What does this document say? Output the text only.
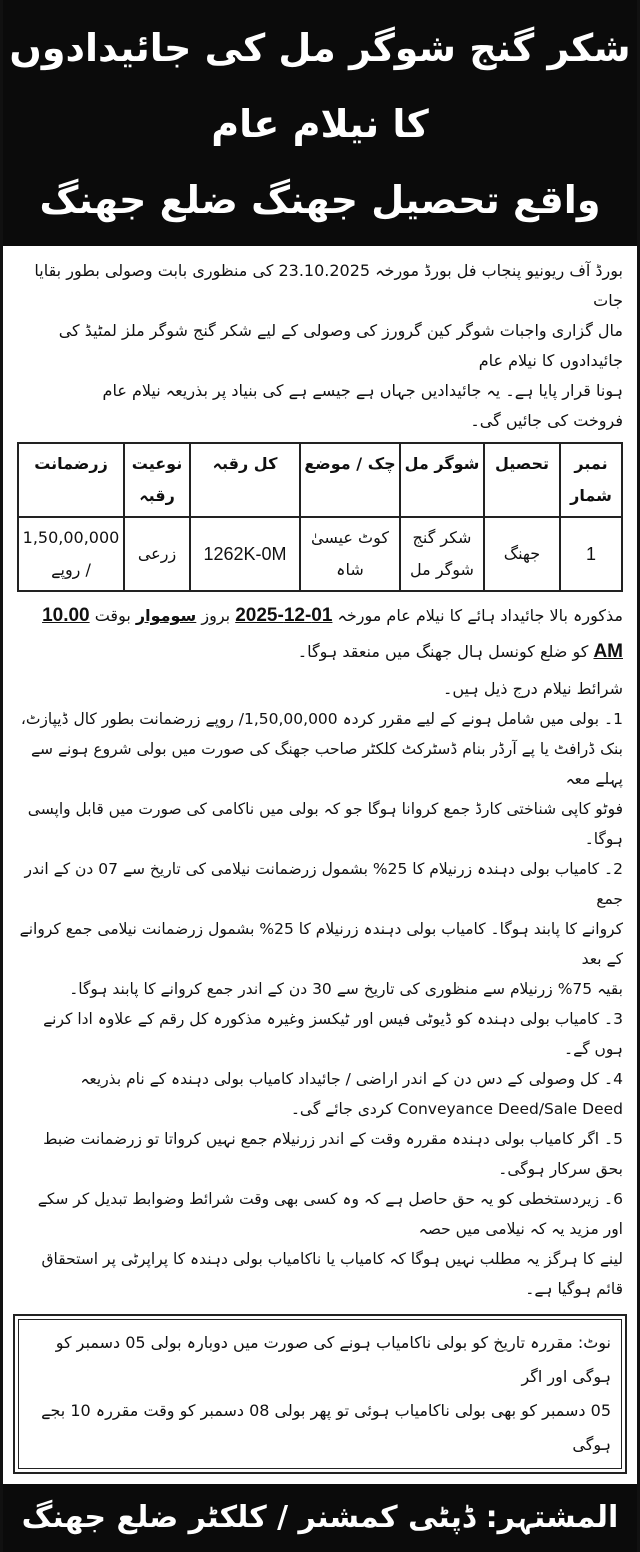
شکر گنج شوگر مل کی جائیدادوں کا نیلام عام
واقع تحصیل جھنگ ضلع جھنگ
بورڈ آف ریونیو پنجاب فل بورڈ مورخہ 23.10.2025 کی منظوری بابت وصولی بطور بقایا جات
مال گزاری واجبات شوگر کین گرورز کی وصولی کے لیے شکر گنج شوگر ملز لمٹیڈ کی جائیدادوں کا نیلام عام
ہونا قرار پایا ہے۔ یہ جائیدادیں جہاں ہے جیسے ہے کی بنیاد پر بذریعہ نیلام عام
فروخت کی جائیں گی۔
نمبر شمار	تحصیل	شوگر مل	چک / موضع	کل رقبہ	نوعیت رقبہ	زرضمانت
1	جھنگ	شکر گنج شوگر مل	کوٹ عیسیٰ شاہ	1262K-0M	زرعی	1,50,00,000/ روپے
مذکورہ بالا جائیداد ہائے کا نیلام عام مورخہ 01-12-2025 بروز سوموار بوقت 10.00 AM کو ضلع کونسل ہال جھنگ میں منعقد ہوگا۔
شرائط نیلام درج ذیل ہیں۔
1۔ بولی میں شامل ہونے کے لیے مقرر کردہ 1,50,00,000/ روپے زرضمانت بطور کال ڈیپازٹ،
بنک ڈرافٹ یا پے آرڈر بنام ڈسٹرکٹ کلکٹر صاحب جھنگ کی صورت میں بولی شروع ہونے سے پہلے معہ
فوٹو کاپی شناختی کارڈ جمع کروانا ہوگا جو کہ بولی میں ناکامی کی صورت میں قابل واپسی ہوگا۔
2۔ کامیاب بولی دہندہ زرنیلام کا 25% بشمول زرضمانت نیلامی کی تاریخ سے 07 دن کے اندر جمع
کروانے کا پابند ہوگا۔ کامیاب بولی دہندہ زرنیلام کا 25% بشمول زرضمانت نیلامی جمع کروانے کے بعد
بقیہ 75% زرنیلام سے منظوری کی تاریخ سے 30 دن کے اندر جمع کروانے کا پابند ہوگا۔
3۔ کامیاب بولی دہندہ کو ڈیوٹی فیس اور ٹیکسز وغیرہ مذکورہ کل رقم کے علاوہ ادا کرنے ہوں گے۔
4۔ کل وصولی کے دس دن کے اندر اراضی / جائیداد کامیاب بولی دہندہ کے نام بذریعہ
Conveyance Deed/Sale Deed کردی جائے گی۔
5۔ اگر کامیاب بولی دہندہ مقررہ وقت کے اندر زرنیلام جمع نہیں کرواتا تو زرضمانت ضبط بحق سرکار ہوگی۔
6۔ زیردستخطی کو یہ حق حاصل ہے کہ وہ کسی بھی وقت شرائط وضوابط تبدیل کر سکے اور مزید یہ کہ نیلامی میں حصہ
لینے کا ہرگز یہ مطلب نہیں ہوگا کہ کامیاب یا ناکامیاب بولی دہندہ کا پراپرٹی پر استحقاق قائم ہوگیا ہے۔
نوٹ: مقررہ تاریخ کو بولی ناکامیاب ہونے کی صورت میں دوبارہ بولی 05 دسمبر کو ہوگی اور اگر
05 دسمبر کو بھی بولی ناکامیاب ہوئی تو پھر بولی 08 دسمبر کو وقت مقررہ 10 بجے ہوگی
المشتہر: ڈپٹی کمشنر / کلکٹر ضلع جھنگ
